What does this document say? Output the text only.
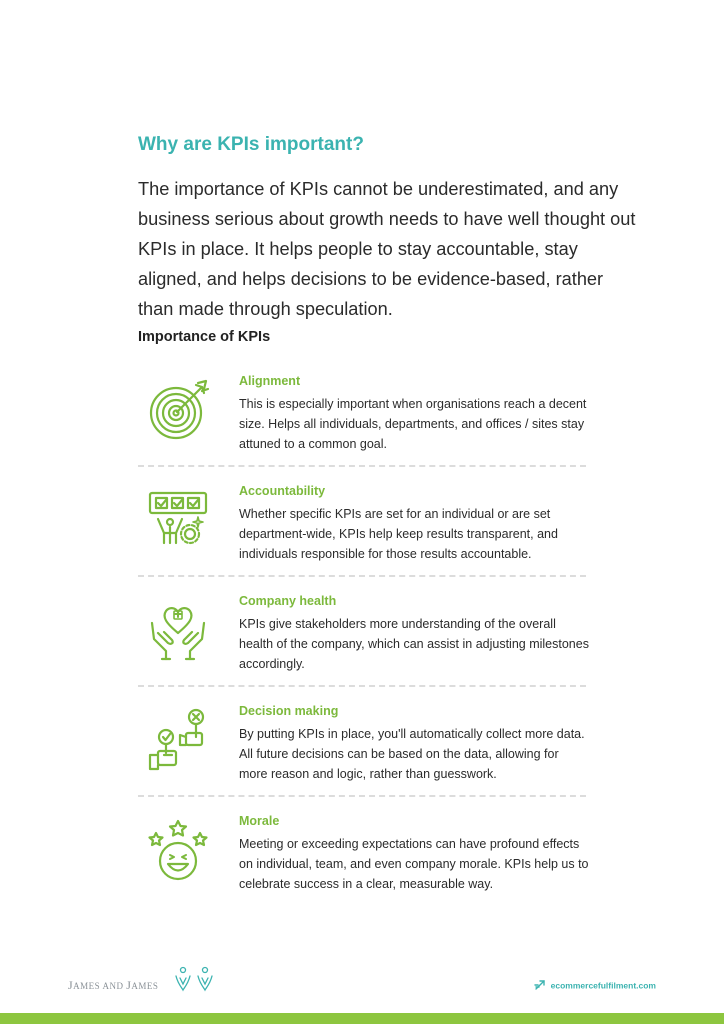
Why are KPIs important?

The importance of KPIs cannot be underestimated, and any business serious about growth needs to have well thought out KPIs in place. It helps people to stay accountable, stay aligned, and helps decisions to be evidence-based, rather than made through speculation.

Importance of KPIs
Alignment

This is especially important when organisations reach a decent size. Helps all individuals, departments, and offices / sites stay attuned to a common goal.

Accountability

Whether specific KPIs are set for an individual or are set department-wide, KPIs help keep results transparent, and individuals responsible for those results accountable.

Company health

KPIs give stakeholders more understanding of the overall health of the company, which can assist in adjusting milestones accordingly.

Decision making

By putting KPIs in place, you'll automatically collect more data. All future decisions can be based on the data, allowing for more reason and logic, rather than guesswork.

Morale

Meeting or exceeding expectations can have profound effects on individual, team, and even company morale. KPIs help us to celebrate success in a clear, measurable way.

JAMES AND JAMES	ecommercefulfilment.com
